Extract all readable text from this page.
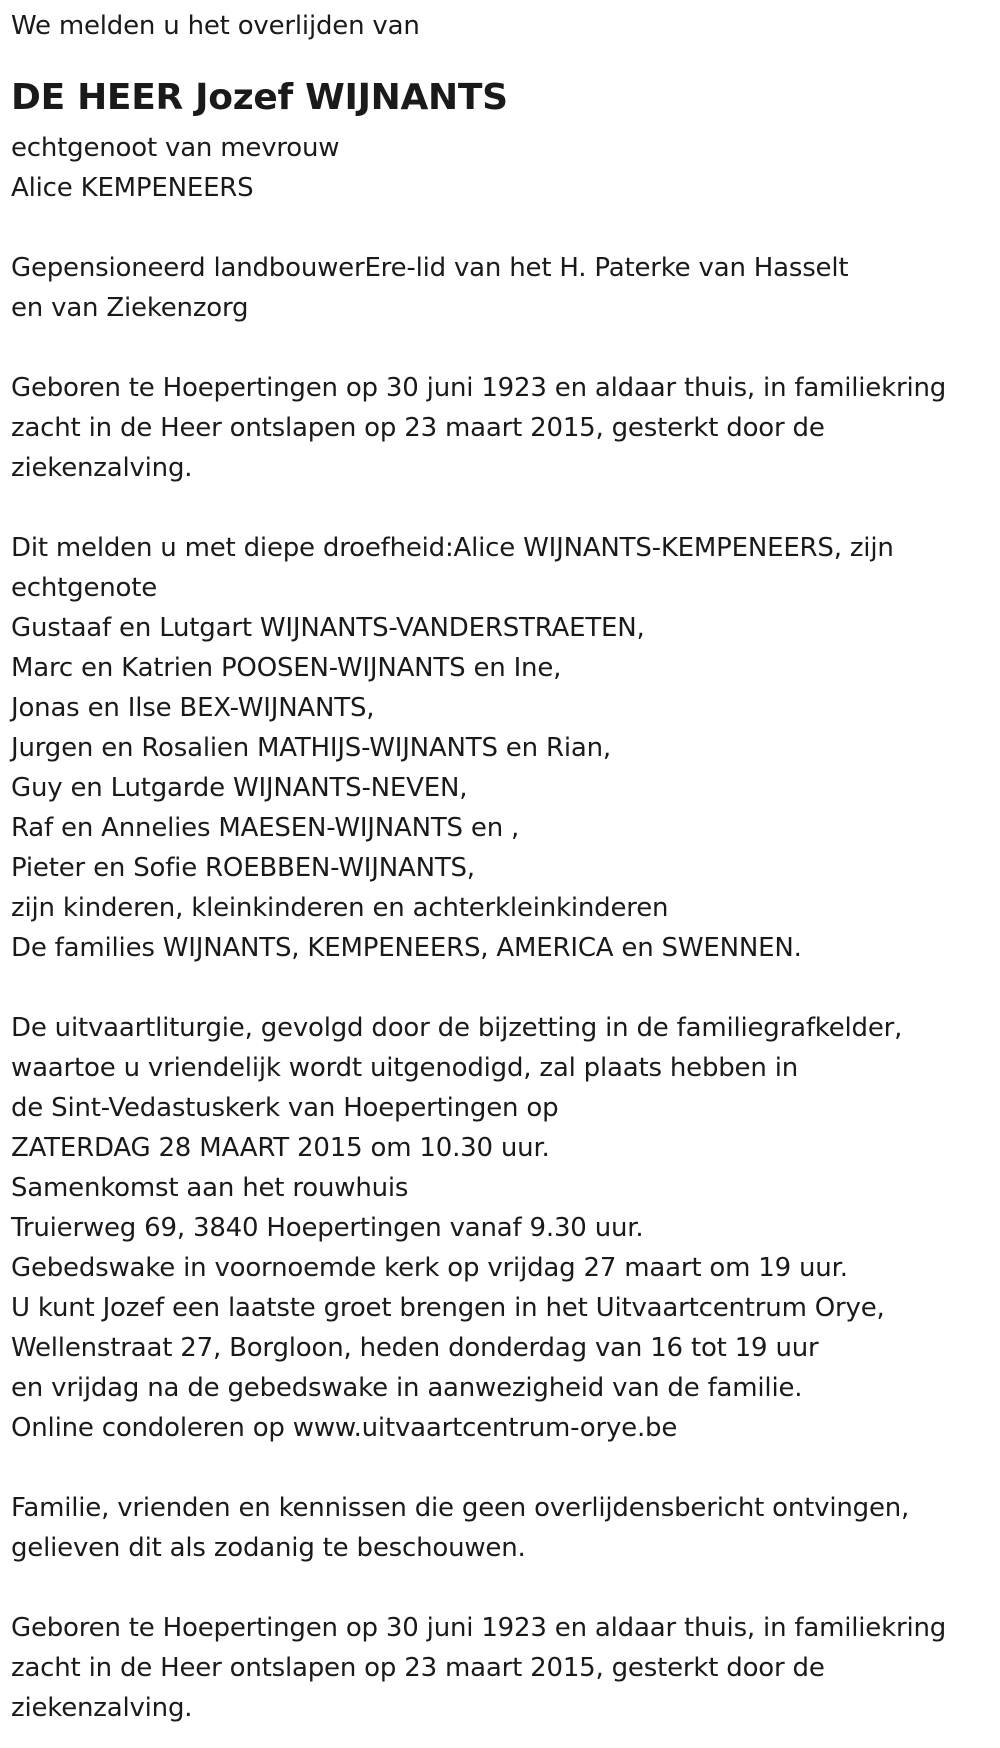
We melden u het overlijden van
DE HEER Jozef WIJNANTS
echtgenoot van mevrouw
Alice KEMPENEERS
Gepensioneerd landbouwerEre-lid van het H. Paterke van Hasselt
en van Ziekenzorg
Geboren te Hoepertingen op 30 juni 1923 en aldaar thuis, in familiekring
zacht in de Heer ontslapen op 23 maart 2015, gesterkt door de
ziekenzalving.
Dit melden u met diepe droefheid:Alice WIJNANTS-KEMPENEERS, zijn
echtgenote
Gustaaf en Lutgart WIJNANTS-VANDERSTRAETEN,
Marc en Katrien POOSEN-WIJNANTS en Ine,
Jonas en Ilse BEX-WIJNANTS,
Jurgen en Rosalien MATHIJS-WIJNANTS en Rian,
Guy en Lutgarde WIJNANTS-NEVEN,
Raf en Annelies MAESEN-WIJNANTS en ,
Pieter en Sofie ROEBBEN-WIJNANTS,
zijn kinderen, kleinkinderen en achterkleinkinderen
De families WIJNANTS, KEMPENEERS, AMERICA en SWENNEN.
De uitvaartliturgie, gevolgd door de bijzetting in de familiegrafkelder,
waartoe u vriendelijk wordt uitgenodigd, zal plaats hebben in
de Sint-Vedastuskerk van Hoepertingen op
ZATERDAG 28 MAART 2015 om 10.30 uur.
Samenkomst aan het rouwhuis
Truierweg 69, 3840 Hoepertingen vanaf 9.30 uur.
Gebedswake in voornoemde kerk op vrijdag 27 maart om 19 uur.
U kunt Jozef een laatste groet brengen in het Uitvaartcentrum Orye,
Wellenstraat 27, Borgloon, heden donderdag van 16 tot 19 uur
en vrijdag na de gebedswake in aanwezigheid van de familie.
Online condoleren op www.uitvaartcentrum-orye.be
Familie, vrienden en kennissen die geen overlijdensbericht ontvingen,
gelieven dit als zodanig te beschouwen.
Geboren te Hoepertingen op 30 juni 1923 en aldaar thuis, in familiekring
zacht in de Heer ontslapen op 23 maart 2015, gesterkt door de
ziekenzalving.
